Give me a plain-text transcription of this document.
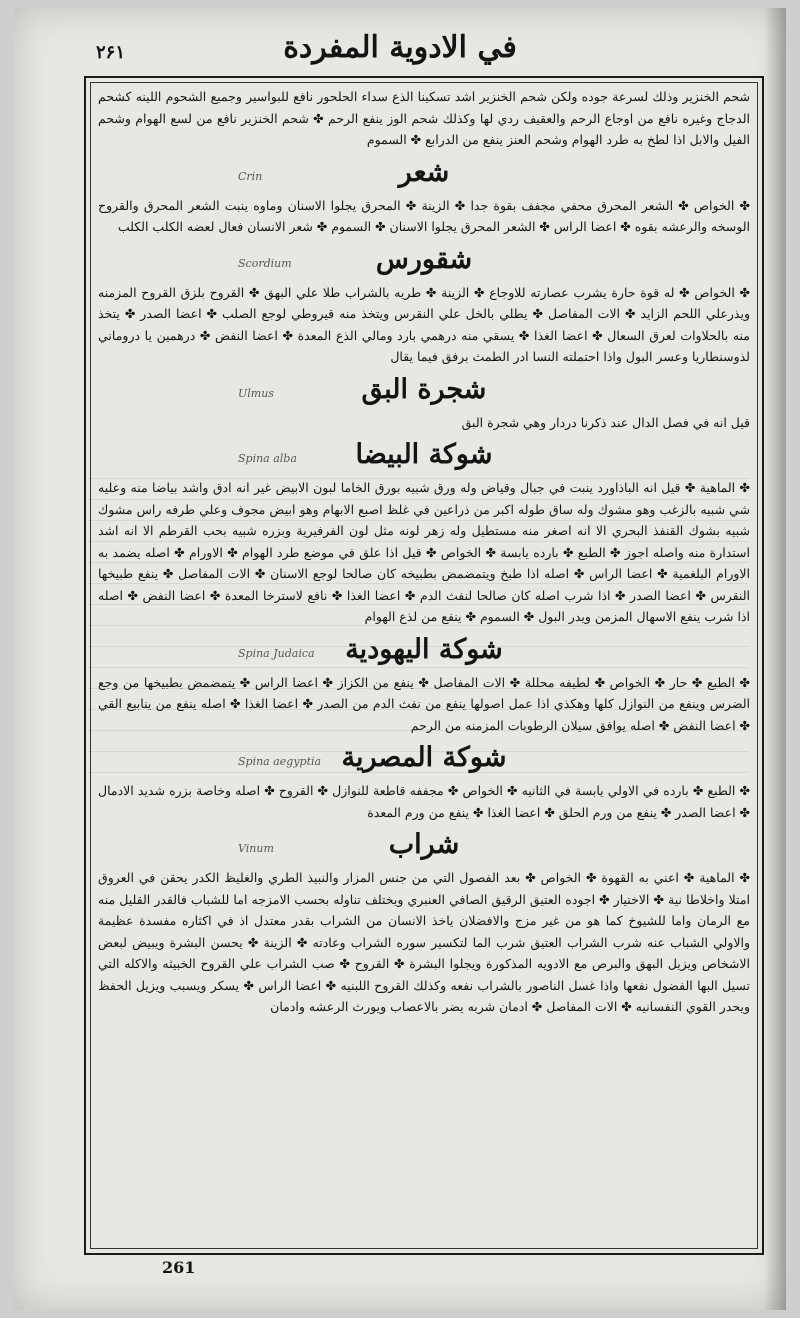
۲۶۱	في الادوية المفردة

شحم الخنزير وذلك لسرعة جوده ولكن شحم الخنزير اشد تسكينا الذع سداء الحلحور نافع للبواسير وجميع الشحوم اللينه كشحم الدجاج وغيره نافع من اوجاع الرحم والعقيف ردي لها وكذلك شحم الوز ينفع الرحم ✤ شحم الخنزير نافع من لسع الهوام وشحم الفيل والابل اذا لطخ به طرد الهوام وشحم العنز ينفع من الدرابع ✤ السموم

شعر
Crin

✤ الخواص ✤ الشعر المحرق محفي مجفف بقوة جدا ✤ الزينة ✤ المحرق يجلوا الاسنان وماوه ينبت الشعر المحرق والقروح الوسخه والرعشه بقوه ✤ اعضا الراس ✤ الشعر المحرق يجلوا الاسنان ✤ السموم ✤ شعر الانسان فعال لعضه الكلب الكلب

شقورس
Scordium

✤ الخواص ✤ له قوة حارة يشرب عصارته للاوجاع ✤ الزينة ✤ طريه بالشراب طلا علي البهق ✤ القروح بلزق القروح المزمنه ويذرعلي اللحم الزايد ✤ الات المفاصل ✤ يطلي بالخل علي النقرس ويتخذ منه قيروطي لوجع الصلب ✤ اعضا الصدر ✤ يتخذ منه بالحلاوات لعرق السعال ✤ اعضا الغذا ✤ يسقي منه درهمي بارد ومالي الذع المعدة ✤ اعضا النفض ✤ درهمين يا دروماني لذوسنطاريا وعسر البول واذا احتملته النسا ادر الطمث برفق فيما يقال

شجرة البق
Ulmus

قيل انه في فصل الدال عند ذكرنا دردار وهي شجرة البق

شوكة البيضا
Spina alba

✤ الماهية ✤ قيل انه الباذاورد ينبت في جبال وقياض وله ورق شبيه بورق الخاما لبون الابيض غير انه ادق واشد بياضا منه وعليه شي شبيه بالزغب وهو مشوك وله ساق طوله اكبر من ذراعين في غلظ اصبع الابهام وهو ابيض مجوف وعلي طرفه راس مشوك شبيه بشوك القنفذ البحري الا انه اصغر منه مستطيل وله زهر لونه مثل لون الفرفيرية وبزره شبيه بحب القرطم الا انه اشد استدارة منه واصله اجوز ✤ الطبع ✤ بارده يابسة ✤ الخواص ✤ قيل اذا علق في موضع طرد الهوام ✤ الاورام ✤ اصله يضمد به الاورام البلغمية ✤ اعضا الراس ✤ اصله اذا طبخ ويتمضمض بطبيخه كان صالحا لوجع الاسنان ✤ الات المفاصل ✤ ينفع طبيخها النقرس ✤ اعضا الصدر ✤ اذا شرب اصله كان صالحا لنفث الدم ✤ اعضا الغذا ✤ نافع لاسترخا المعدة ✤ اعضا النفض ✤ اصله اذا شرب ينفع الاسهال المزمن ويدر البول ✤ السموم ✤ ينفع من لذع الهوام

شوكة اليهودية
Spina Judaica

✤ الطبع ✤ حار ✤ الخواص ✤ لطيفه محللة ✤ الات المفاصل ✤ ينفع من الكزاز ✤ اعضا الراس ✤ يتمضمض بطبيخها من وجع الضرس وينفع من النوازل كلها وهكذي اذا عمل اصولها ينفع من نفث الدم من الصدر ✤ اعضا الغذا ✤ اصله ينفع من ينابيع القي ✤ اعضا النفض ✤ اصله يوافق سيلان الرطوبات المزمنه من الرحم

شوكة المصرية
Spina aegyptia

✤ الطبع ✤ بارده في الاولي يابسة في الثانيه ✤ الخواص ✤ مجففه قاطعة للنوازل ✤ القروح ✤ اصله وخاصة بزره شديد الادمال ✤ اعضا الصدر ✤ ينفع من ورم الحلق ✤ اعضا الغذا ✤ ينفع من ورم المعدة

شراب
Vinum

✤ الماهية ✤ اعني به القهوة ✤ الخواص ✤ بعد الفصول التي من جنس المزار والنبيذ الطري والغليظ الكدر يحقن في العروق امتلا واخلاطا نية ✤ الاختيار ✤ اجوده العتيق الرقيق الصافي العنبري ويختلف تناوله بحسب الامزجه اما للشباب فالقدر القليل منه مع الرمان واما للشيوخ كما هو من غير مزج والافضلان ياخذ الانسان من الشراب بقدر معتدل اذ في اكثاره مفسدة عظيمة والاولي الشباب عنه شرب الشراب العتيق شرب الما لتكسير سوره الشراب وعادته ✤ الزينة ✤ يحسن البشرة ويبيض لبعض الاشخاص ويزيل البهق والبرص مع الادويه المذكورة ويجلوا البشرة ✤ القروح ✤ صب الشراب علي القروح الخبيثه والاكله التي تسيل البها الفضول نفعها واذا غسل الناصور بالشراب نفعه وكذلك القروح اللبنيه ✤ اعضا الراس ✤ يسكر ويسبب ويزيل الحفظ ويحدر القوي النفسانيه ✤ الات المفاصل ✤ ادمان شربه يضر بالاعصاب ويورث الرعشه وادمان

261
